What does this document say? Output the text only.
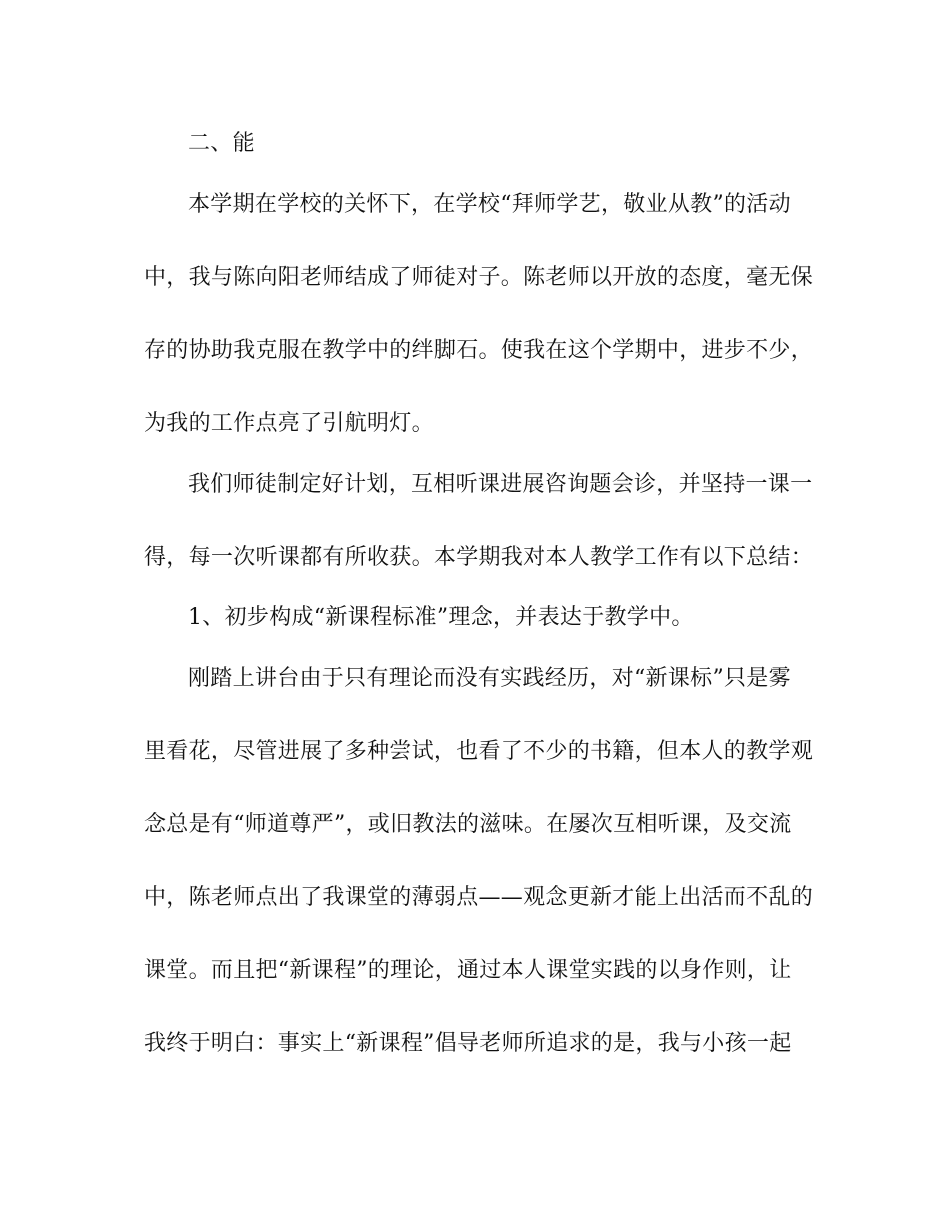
二、能

本学期在学校的关怀下，在学校“拜师学艺，敬业从教”的活动

中，我与陈向阳老师结成了师徒对子。陈老师以开放的态度，毫无保

存的协助我克服在教学中的绊脚石。使我在这个学期中，进步不少，

为我的工作点亮了引航明灯。

我们师徒制定好计划，互相听课进展咨询题会诊，并坚持一课一

得，每一次听课都有所收获。本学期我对本人教学工作有以下总结：

1、初步构成“新课程标准”理念，并表达于教学中。

刚踏上讲台由于只有理论而没有实践经历，对“新课标”只是雾

里看花，尽管进展了多种尝试，也看了不少的书籍，但本人的教学观

念总是有“师道尊严”，或旧教法的滋味。在屡次互相听课，及交流

中，陈老师点出了我课堂的薄弱点——观念更新才能上出活而不乱的

课堂。而且把“新课程”的理论，通过本人课堂实践的以身作则，让

我终于明白：事实上“新课程”倡导老师所追求的是，我与小孩一起
